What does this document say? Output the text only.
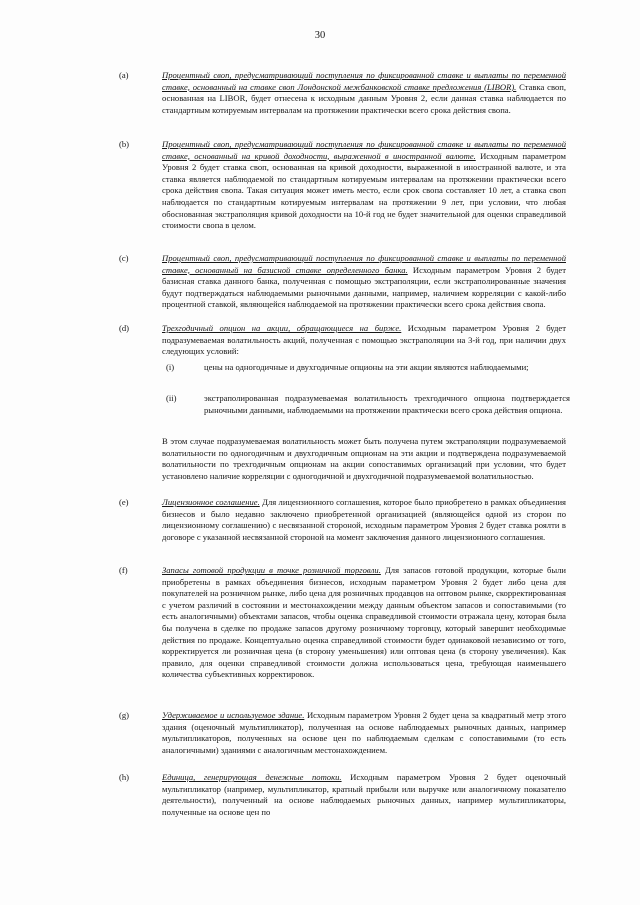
30
(a)	Процентный своп, предусматривающий поступления по фиксированной ставке и выплаты по переменной ставке, основанный на ставке своп Лондонской межбанковской ставке предложения (LIBOR). Ставка своп, основанная на LIBOR, будет отнесена к исходным данным Уровня 2, если данная ставка наблюдается по стандартным котируемым интервалам на протяжении практически всего срока действия свопа.
(b)	Процентный своп, предусматривающий поступления по фиксированной ставке и выплаты по переменной ставке, основанный на кривой доходности, выраженной в иностранной валюте. Исходным параметром Уровня 2 будет ставка своп, основанная на кривой доходности, выраженной в иностранной валюте, и эта ставка является наблюдаемой по стандартным котируемым интервалам на протяжении практически всего срока действия свопа. Такая ситуация может иметь место, если срок свопа составляет 10 лет, а ставка своп наблюдается по стандартным котируемым интервалам на протяжении 9 лет, при условии, что любая обоснованная экстраполяция кривой доходности на 10-й год не будет значительной для оценки справедливой стоимости свопа в целом.
(c)	Процентный своп, предусматривающий поступления по фиксированной ставке и выплаты по переменной ставке, основанный на базисной ставке определенного банка. Исходным параметром Уровня 2 будет базисная ставка данного банка, полученная с помощью экстраполяции, если экстраполированные значения будут подтверждаться наблюдаемыми рыночными данными, например, наличием корреляции с какой-либо процентной ставкой, являющейся наблюдаемой на протяжении практически всего срока действия свопа.
(d)	Трехгодичный опцион на акции, обращающиеся на бирже. Исходным параметром Уровня 2 будет подразумеваемая волатильность акций, полученная с помощью экстраполяции на 3-й год, при наличии двух следующих условий:
(i)	цены на одногодичные и двухгодичные опционы на эти акции являются наблюдаемыми;
(ii)	экстраполированная подразумеваемая волатильность трехгодичного опциона подтверждается рыночными данными, наблюдаемыми на протяжении практически всего срока действия опциона.
В этом случае подразумеваемая волатильность может быть получена путем экстраполяции подразумеваемой волатильности по одногодичным и двухгодичным опционам на эти акции и подтверждена подразумеваемой волатильности по трехгодичным опционам на акции сопоставимых организаций при условии, что будет установлено наличие корреляции с одногодичной и двухгодичной подразумеваемой волатильностью.
(e)	Лицензионное соглашение. Для лицензионного соглашения, которое было приобретено в рамках объединения бизнесов и было недавно заключено приобретенной организацией (являющейся одной из сторон по лицензионному соглашению) с несвязанной стороной, исходным параметром Уровня 2 будет ставка роялти в договоре с указанной несвязанной стороной на момент заключения данного лицензионного соглашения.
(f)	Запасы готовой продукции в точке розничной торговли. Для запасов готовой продукции, которые были приобретены в рамках объединения бизнесов, исходным параметром Уровня 2 будет либо цена для покупателей на розничном рынке, либо цена для розничных продавцов на оптовом рынке, скорректированная с учетом различий в состоянии и местонахождении между данным объектом запасов и сопоставимыми (то есть аналогичными) объектами запасов, чтобы оценка справедливой стоимости отражала цену, которая была бы получена в сделке по продаже запасов другому розничному торговцу, который завершит необходимые действия по продаже. Концептуально оценка справедливой стоимости будет одинаковой независимо от того, корректируется ли розничная цена (в сторону уменьшения) или оптовая цена (в сторону увеличения). Как правило, для оценки справедливой стоимости должна использоваться цена, требующая наименьшего количества субъективных корректировок.
(g)	Удерживаемое и используемое здание. Исходным параметром Уровня 2 будет цена за квадратный метр этого здания (оценочный мультипликатор), полученная на основе наблюдаемых рыночных данных, например мультипликаторов, полученных на основе цен по наблюдаемым сделкам с сопоставимыми (то есть аналогичными) зданиями с аналогичным местонахождением.
(h)	Единица, генерирующая денежные потоки. Исходным параметром Уровня 2 будет оценочный мультипликатор (например, мультипликатор, кратный прибыли или выручке или аналогичному показателю деятельности), полученный на основе наблюдаемых рыночных данных, например мультипликаторы, полученные на основе цен по
